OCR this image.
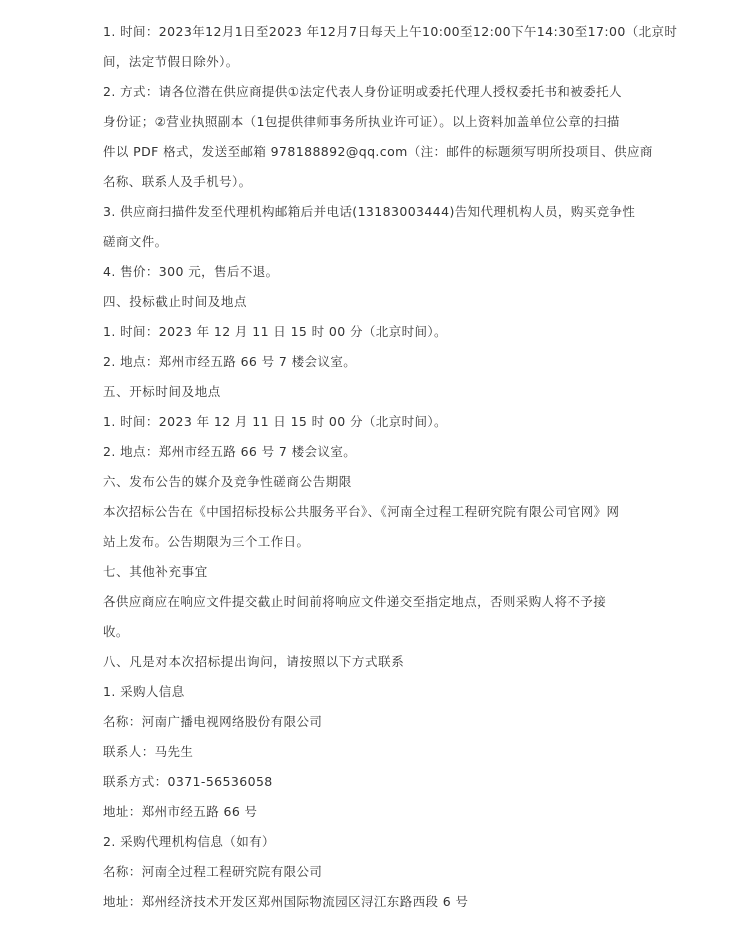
1. 时间：2023年12月1日至2023 年12月7日每天上午10:00至12:00下午14:30至17:00（北京时
间，法定节假日除外）。
2. 方式：请各位潜在供应商提供①法定代表人身份证明或委托代理人授权委托书和被委托人
身份证；②营业执照副本（1包提供律师事务所执业许可证）。以上资料加盖单位公章的扫描
件以 PDF 格式，发送至邮箱 978188892@qq.com（注：邮件的标题须写明所投项目、供应商
名称、联系人及手机号）。
3. 供应商扫描件发至代理机构邮箱后并电话(13183003444)告知代理机构人员，购买竞争性
磋商文件。
4. 售价：300 元，售后不退。
四、投标截止时间及地点
1. 时间：2023 年 12 月 11 日 15 时 00 分（北京时间）。
2. 地点：郑州市经五路 66 号 7 楼会议室。
五、开标时间及地点
1. 时间：2023 年 12 月 11 日 15 时 00 分（北京时间）。
2. 地点：郑州市经五路 66 号 7 楼会议室。
六、发布公告的媒介及竞争性磋商公告期限
本次招标公告在《中国招标投标公共服务平台》、《河南全过程工程研究院有限公司官网》网
站上发布。公告期限为三个工作日。
七、其他补充事宜
各供应商应在响应文件提交截止时间前将响应文件递交至指定地点，否则采购人将不予接
收。
八、凡是对本次招标提出询问，请按照以下方式联系
1. 采购人信息
名称：河南广播电视网络股份有限公司
联系人：马先生
联系方式：0371-56536058
地址：郑州市经五路 66 号
2. 采购代理机构信息（如有）
名称：河南全过程工程研究院有限公司
地址：郑州经济技术开发区郑州国际物流园区浔江东路西段 6 号
